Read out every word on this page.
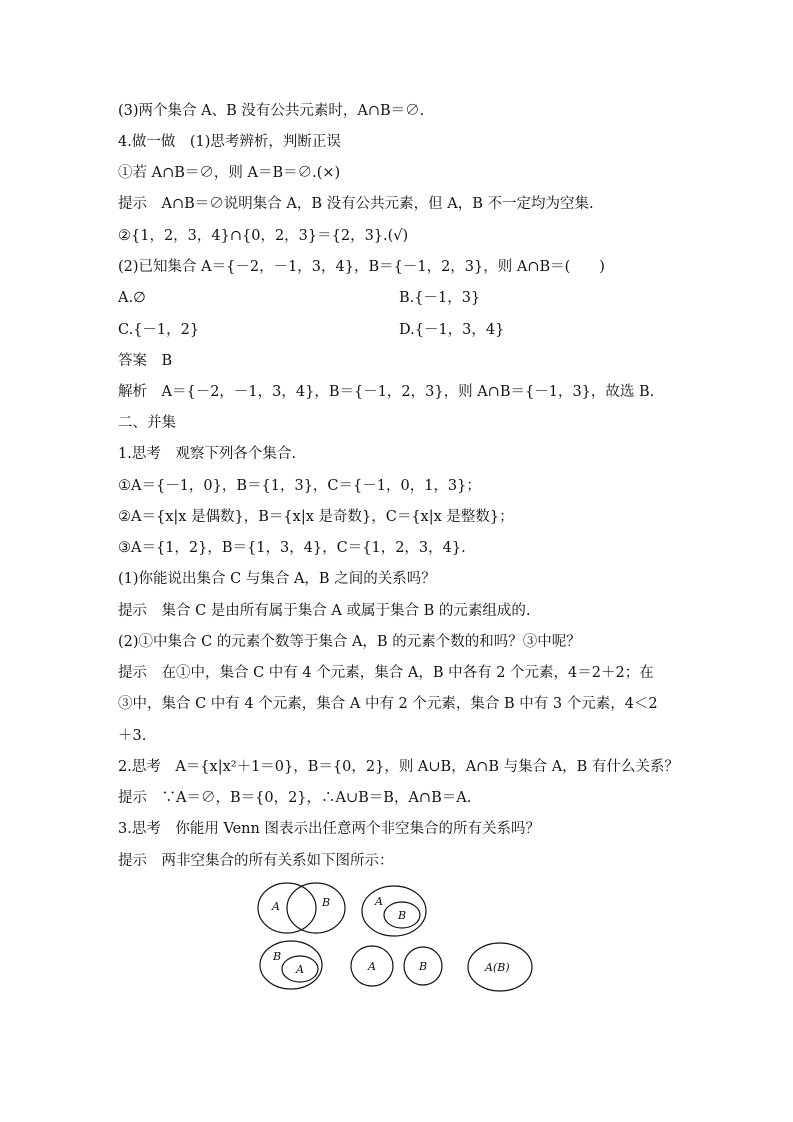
(3)两个集合 A、B 没有公共元素时，A∩B＝∅.
4.做一做　(1)思考辨析，判断正误
①若 A∩B＝∅，则 A＝B＝∅.(×)
提示　A∩B＝∅说明集合 A，B 没有公共元素，但 A，B 不一定均为空集.
②{1，2，3，4}∩{0，2，3}＝{2，3}.(√)
(2)已知集合 A＝{－2，－1，3，4}，B＝{－1，2，3}，则 A∩B＝(　　)
A.∅	B.{－1，3}
C.{－1，2}	D.{－1，3，4}
答案　B
解析　A＝{－2，－1，3，4}，B＝{－1，2，3}，则 A∩B＝{－1，3}，故选 B.
二、并集
1.思考　观察下列各个集合.
①A＝{－1，0}，B＝{1，3}，C＝{－1，0，1，3}；
②A＝{x|x 是偶数}，B＝{x|x 是奇数}，C＝{x|x 是整数}；
③A＝{1，2}，B＝{1，3，4}，C＝{1，2，3，4}.
(1)你能说出集合 C 与集合 A，B 之间的关系吗？
提示　集合 C 是由所有属于集合 A 或属于集合 B 的元素组成的.
(2)①中集合 C 的元素个数等于集合 A，B 的元素个数的和吗？③中呢？
提示　在①中，集合 C 中有 4 个元素，集合 A，B 中各有 2 个元素，4＝2＋2；在
③中，集合 C 中有 4 个元素，集合 A 中有 2 个元素，集合 B 中有 3 个元素，4＜2
＋3.
2.思考　A＝{x|x²＋1＝0}，B＝{0，2}，则 A∪B，A∩B 与集合 A，B 有什么关系？
提示　∵A＝∅，B＝{0，2}，∴A∪B＝B，A∩B＝A.
3.思考　你能用 Venn 图表示出任意两个非空集合的所有关系吗？
提示　两非空集合的所有关系如下图所示：
A	B	A
B
B
A	A	B	A(B)
